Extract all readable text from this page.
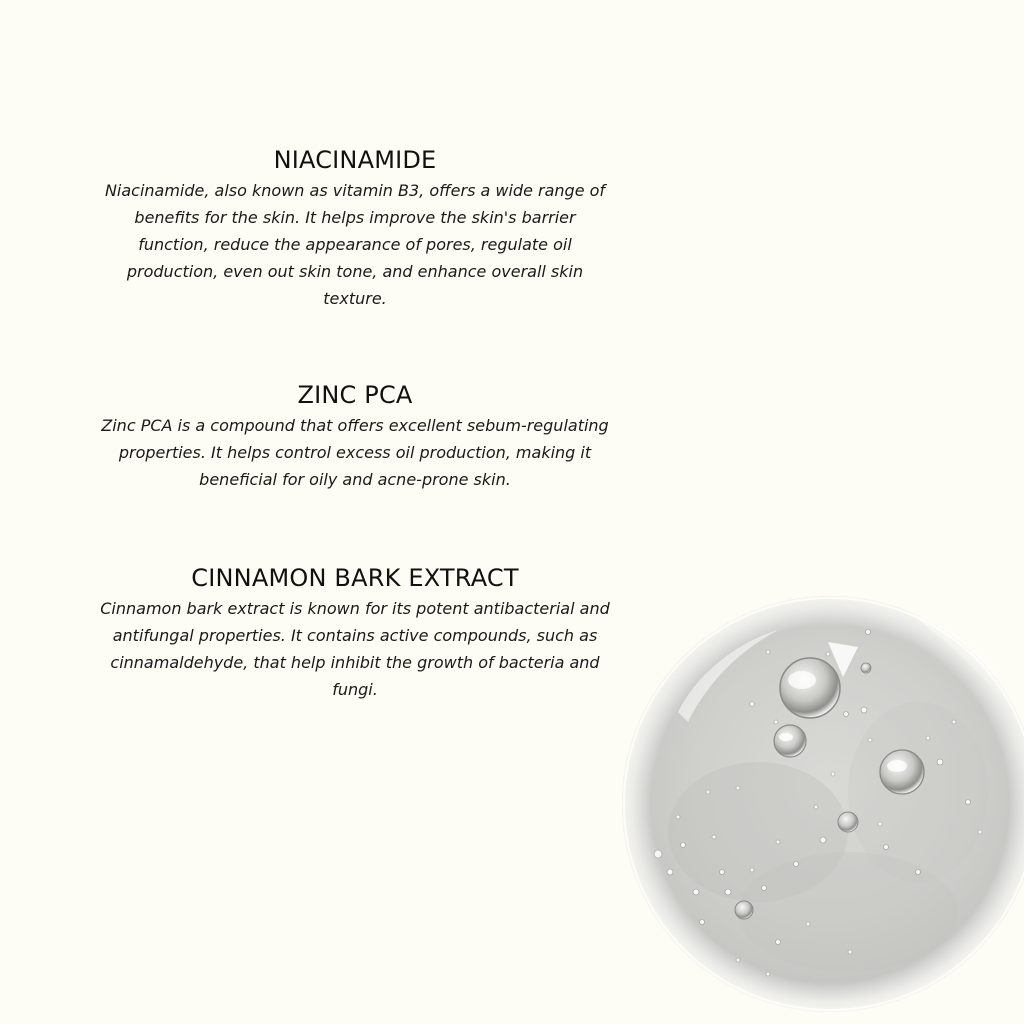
NIACINAMIDE

Niacinamide, also known as vitamin B3, offers a wide range of benefits for the skin. It helps improve the skin's barrier function, reduce the appearance of pores, regulate oil production, even out skin tone, and enhance overall skin texture.

ZINC PCA

Zinc PCA is a compound that offers excellent sebum-regulating properties. It helps control excess oil production, making it beneficial for oily and acne-prone skin.

CINNAMON BARK EXTRACT

Cinnamon bark extract is known for its potent antibacterial and antifungal properties. It contains active compounds, such as cinnamaldehyde, that help inhibit the growth of bacteria and fungi.
